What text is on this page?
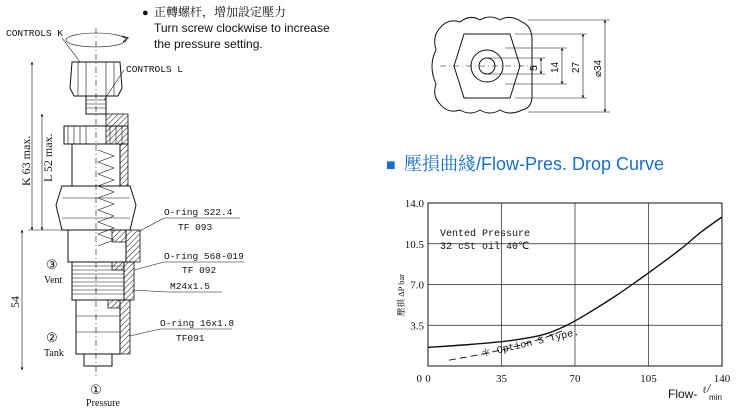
● 正轉螺杆，增加設定壓力
Turn screw clockwise to increase
the pressure setting.
K 63 max. L 52 max.
54
CONTROLS K
CONTROLS L
O-ring S22.4
TF 093
O-ring 568-019
TF 092
M24x1.5
O-ring 16x1.8
TF091
③
Vent
②
Tank
①
Pressure
5 14 27 ⌀34
■ 壓損曲綫/Flow-Pres. Drop Curve
0	35	70	105	140
14.0
10.5
7.0
3.5
0
Vented Pressure
32 cSt oil 40℃
＊ Option S Type.
壓損 ΔP bar
Flow- ℓ
min
